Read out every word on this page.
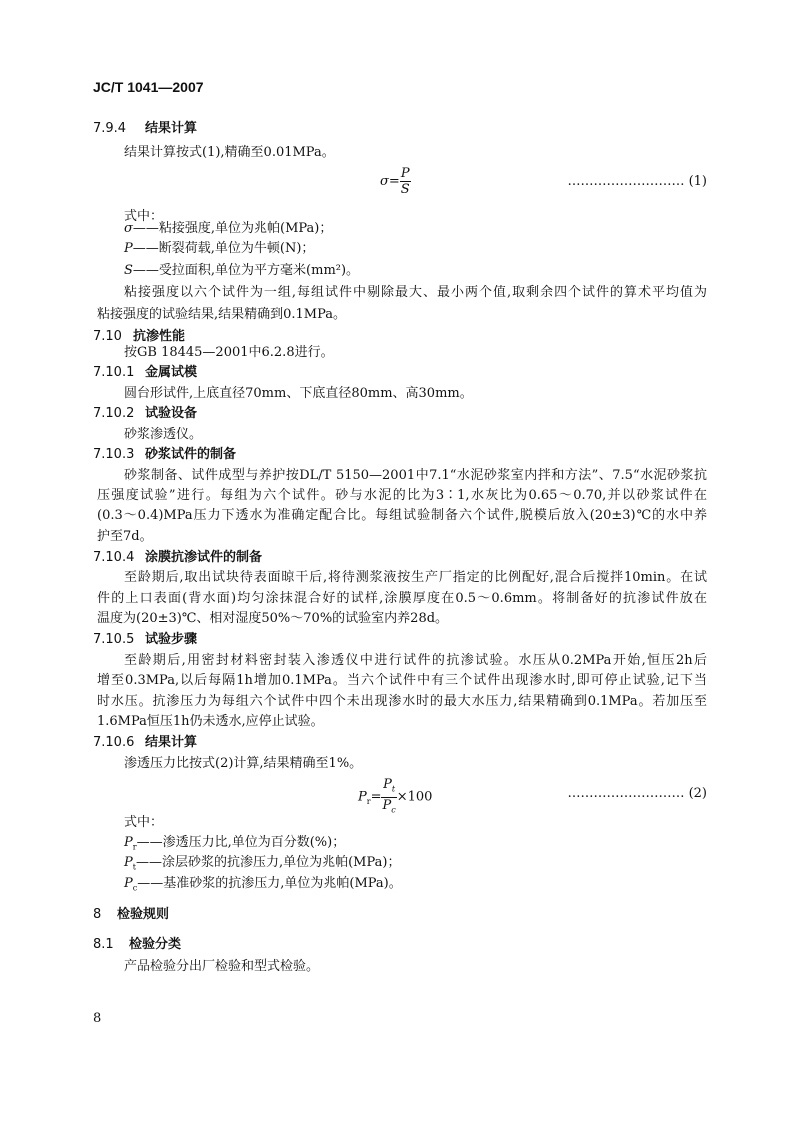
JC/T 1041—2007
7.9.4 结果计算
结果计算按式(1),精确至0.01MPa。
$\sigma= \frac{P}{S}$	……………………… (1)
式中：
σ——粘接强度,单位为兆帕(MPa)；
P——断裂荷载,单位为牛顿(N)；
S——受拉面积,单位为平方毫米(mm²)。
粘接强度以六个试件为一组,每组试件中剔除最大、最小两个值,取剩余四个试件的算术平均值为
粘接强度的试验结果,结果精确到0.1MPa。
7.10 抗渗性能
按GB 18445—2001中6.2.8进行。
7.10.1 金属试模
圆台形试件,上底直径70mm、下底直径80mm、高30mm。
7.10.2 试验设备
砂浆渗透仪。
7.10.3 砂浆试件的制备
砂浆制备、试件成型与养护按DL/T 5150—2001中7.1“水泥砂浆室内拌和方法”、7.5“水泥砂浆抗
压强度试验”进行。每组为六个试件。砂与水泥的比为3∶1,水灰比为0.65～0.70,并以砂浆试件在
(0.3～0.4)MPa压力下透水为准确定配合比。每组试验制备六个试件,脱模后放入(20±3)℃的水中养
护至7d。
7.10.4 涂膜抗渗试件的制备
至龄期后,取出试块待表面晾干后,将待测浆液按生产厂指定的比例配好,混合后搅拌10min。在试
件的上口表面(背水面)均匀涂抹混合好的试样,涂膜厚度在0.5～0.6mm。将制备好的抗渗试件放在
温度为(20±3)℃、相对湿度50%～70%的试验室内养28d。
7.10.5 试验步骤
至龄期后,用密封材料密封装入渗透仪中进行试件的抗渗试验。水压从0.2MPa开始,恒压2h后
增至0.3MPa,以后每隔1h增加0.1MPa。当六个试件中有三个试件出现渗水时,即可停止试验,记下当
时水压。抗渗压力为每组六个试件中四个未出现渗水时的最大水压力,结果精确到0.1MPa。若加压至
1.6MPa恒压1h仍未透水,应停止试验。
7.10.6 结果计算
渗透压力比按式(2)计算,结果精确至1%。
$P_r= \frac{P_t}{P_c} \times 100$	……………………… (2)
式中：
$P_r——$渗透压力比,单位为百分数(%)；
$P_t——$涂层砂浆的抗渗压力,单位为兆帕(MPa)；
$P_c——$基准砂浆的抗渗压力,单位为兆帕(MPa)。
8 检验规则
8.1 检验分类
产品检验分出厂检验和型式检验。
8
